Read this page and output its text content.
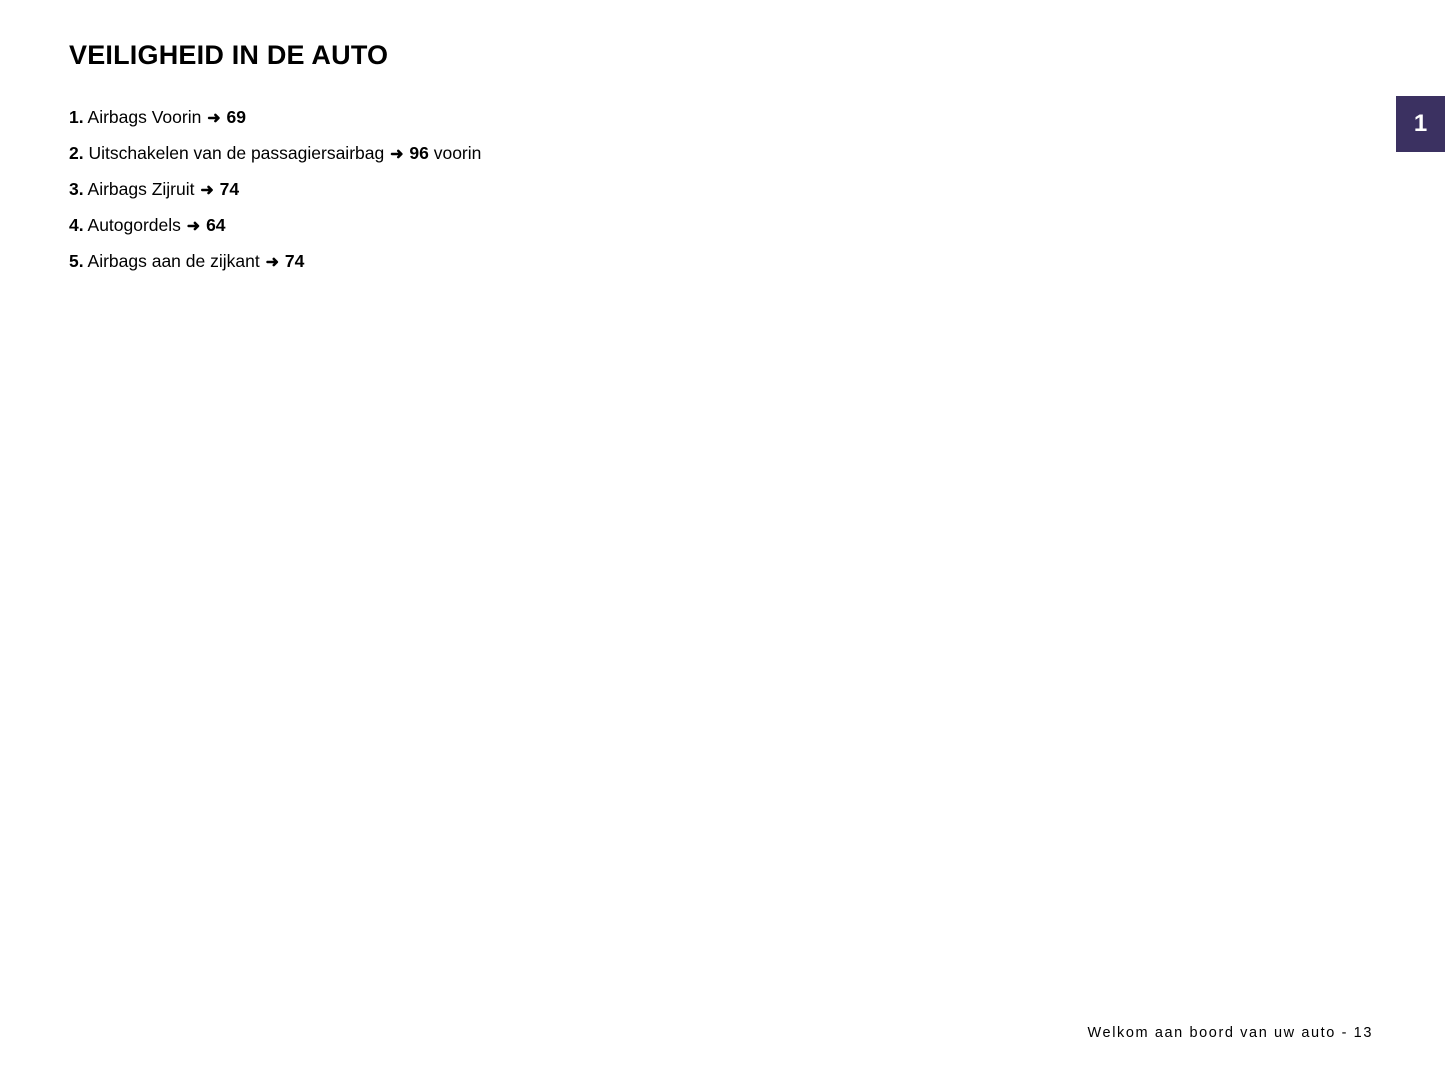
VEILIGHEID IN DE AUTO
1. Airbags Voorin ➜ 69
2. Uitschakelen van de passagiersairbag ➜ 96 voorin
3. Airbags Zijruit ➜ 74
4. Autogordels ➜ 64
5. Airbags aan de zijkant ➜ 74
1
Welkom aan boord van uw auto - 13
